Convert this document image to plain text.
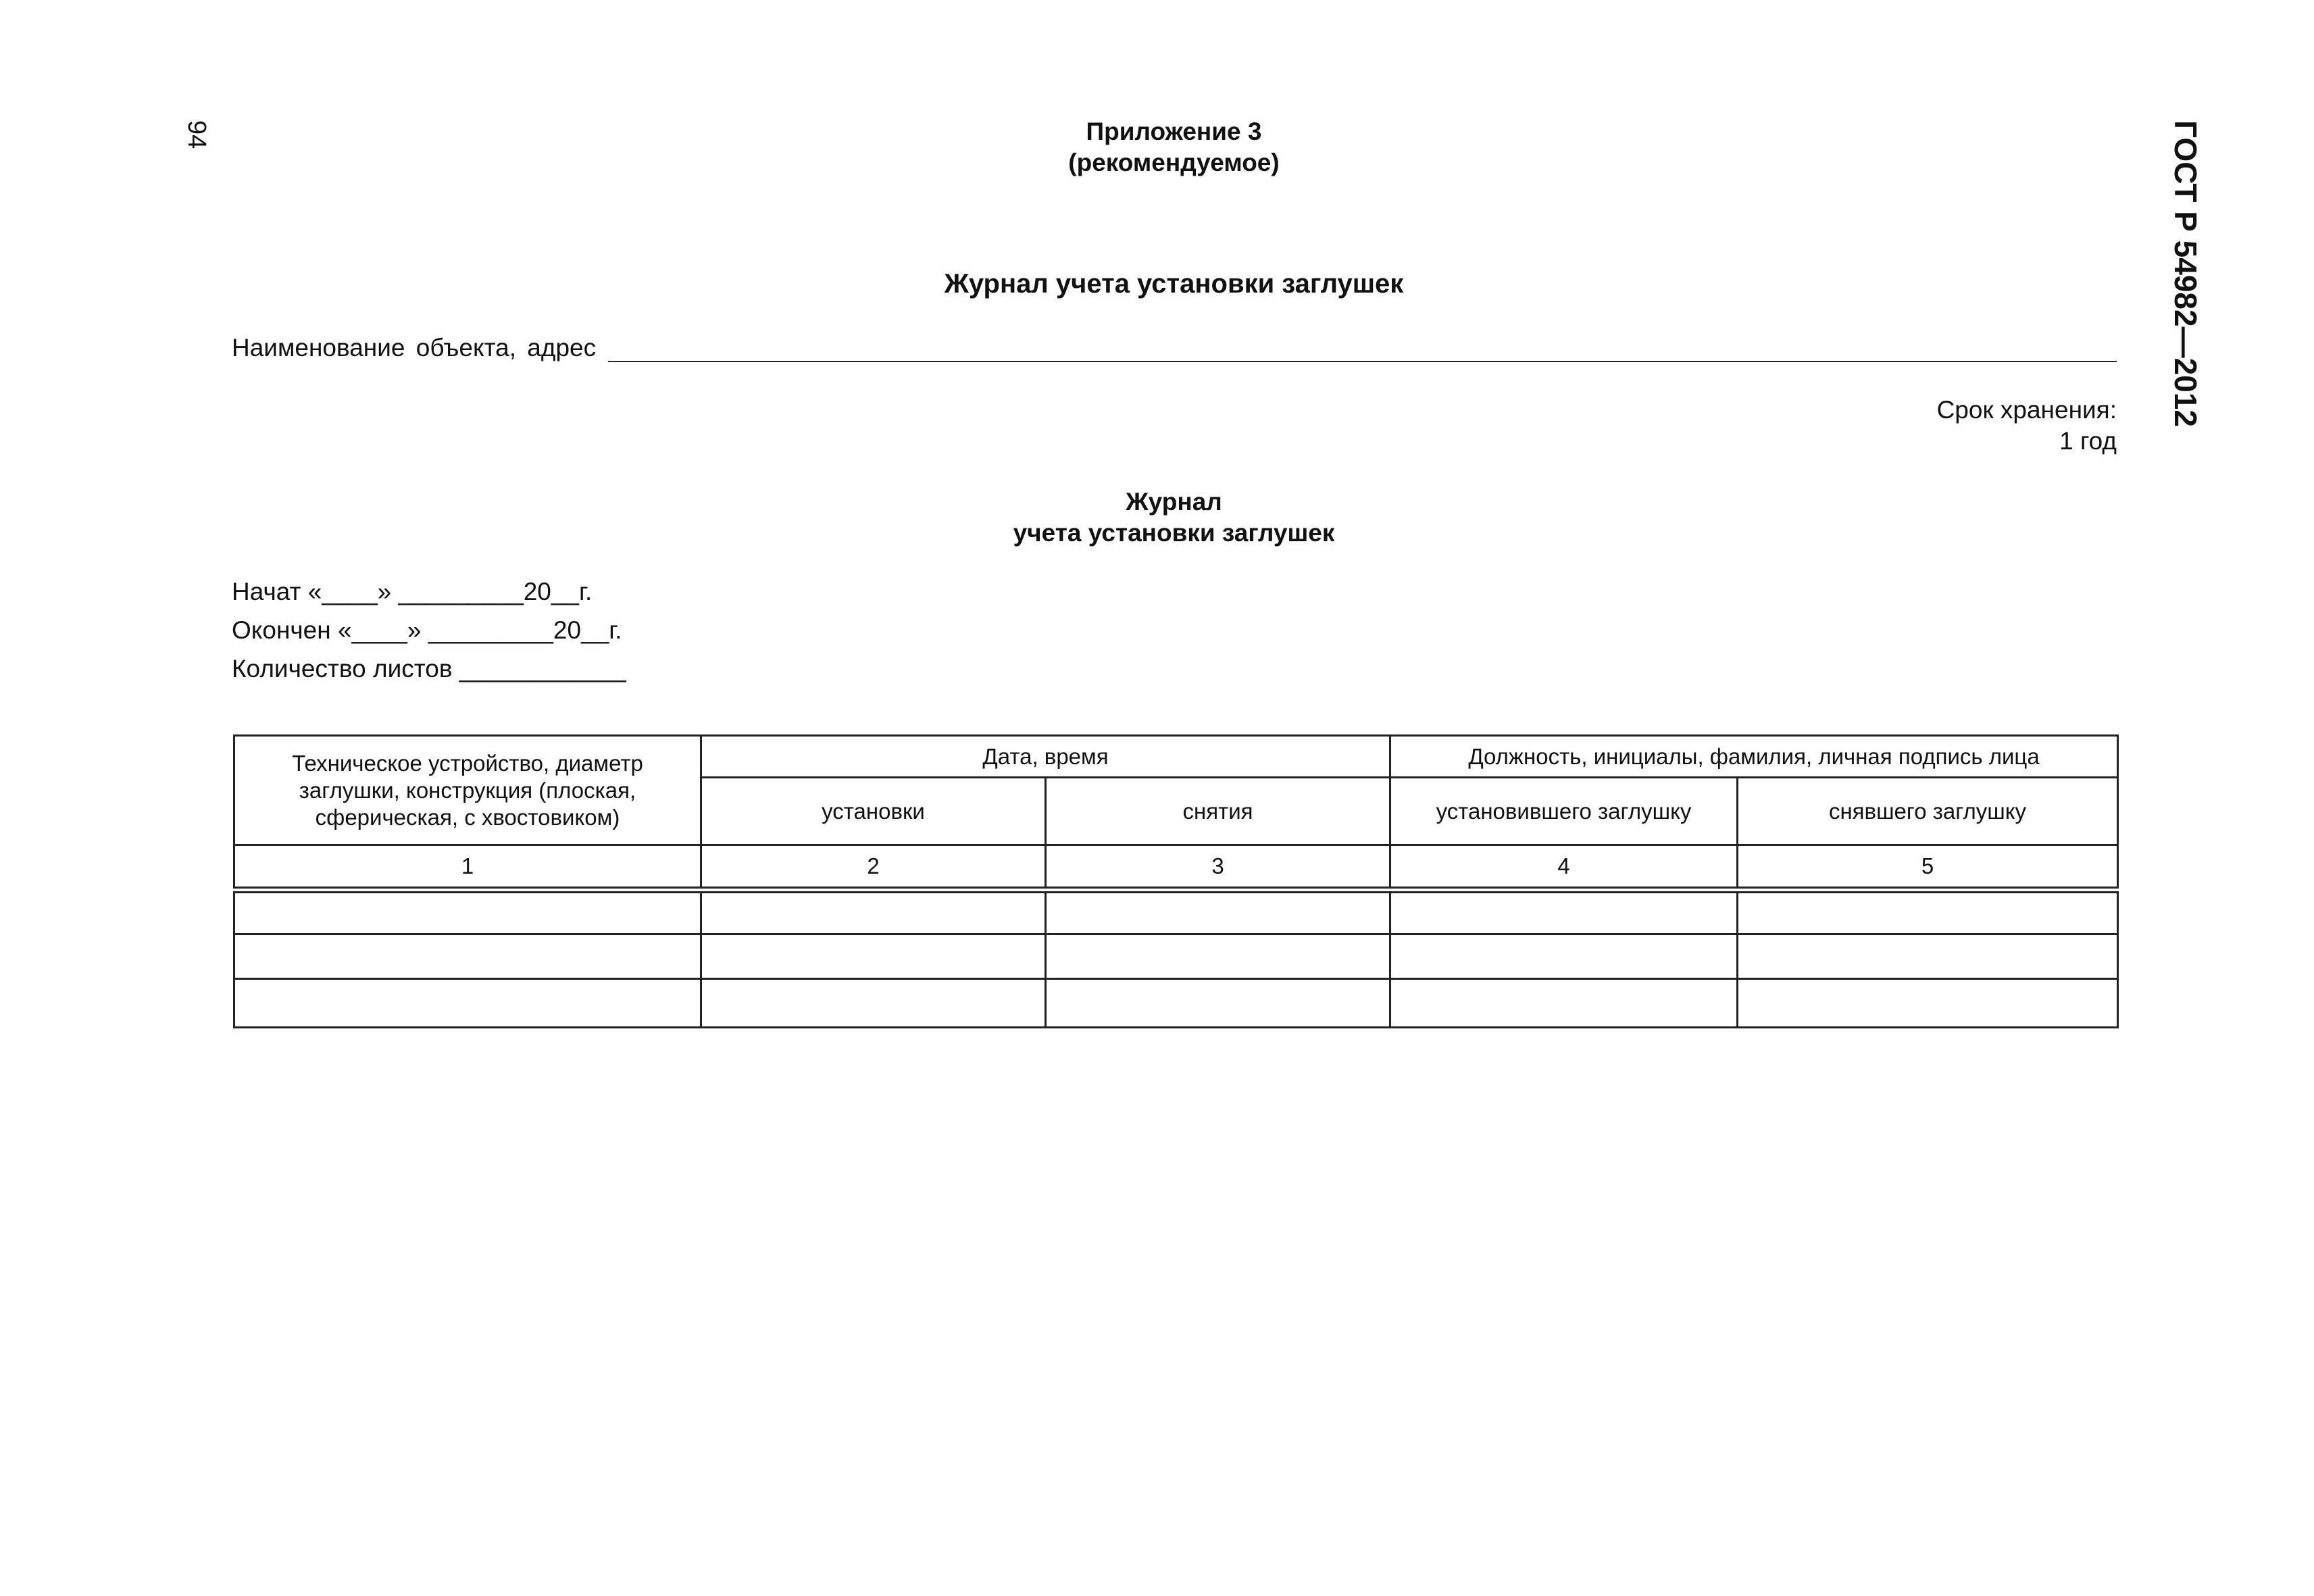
94	ГОСТ Р 54982—2012
Приложение 3
(рекомендуемое)
Журнал учета установки заглушек
Наименование объекта, адрес
Срок хранения:
1 год
Журнал
учета установки заглушек
Начат «____» _________20__г.
Окончен «____» _________20__г.
Количество листов ____________
Техническое устройство, диаметр заглушки, конструкция (плоская, сферическая, с хвостовиком)	Дата, время		Должность, инициалы, фамилия, личная подпись лица	
	установки	снятия	установившего заглушку	снявшего заглушку
1	2	3	4	5
